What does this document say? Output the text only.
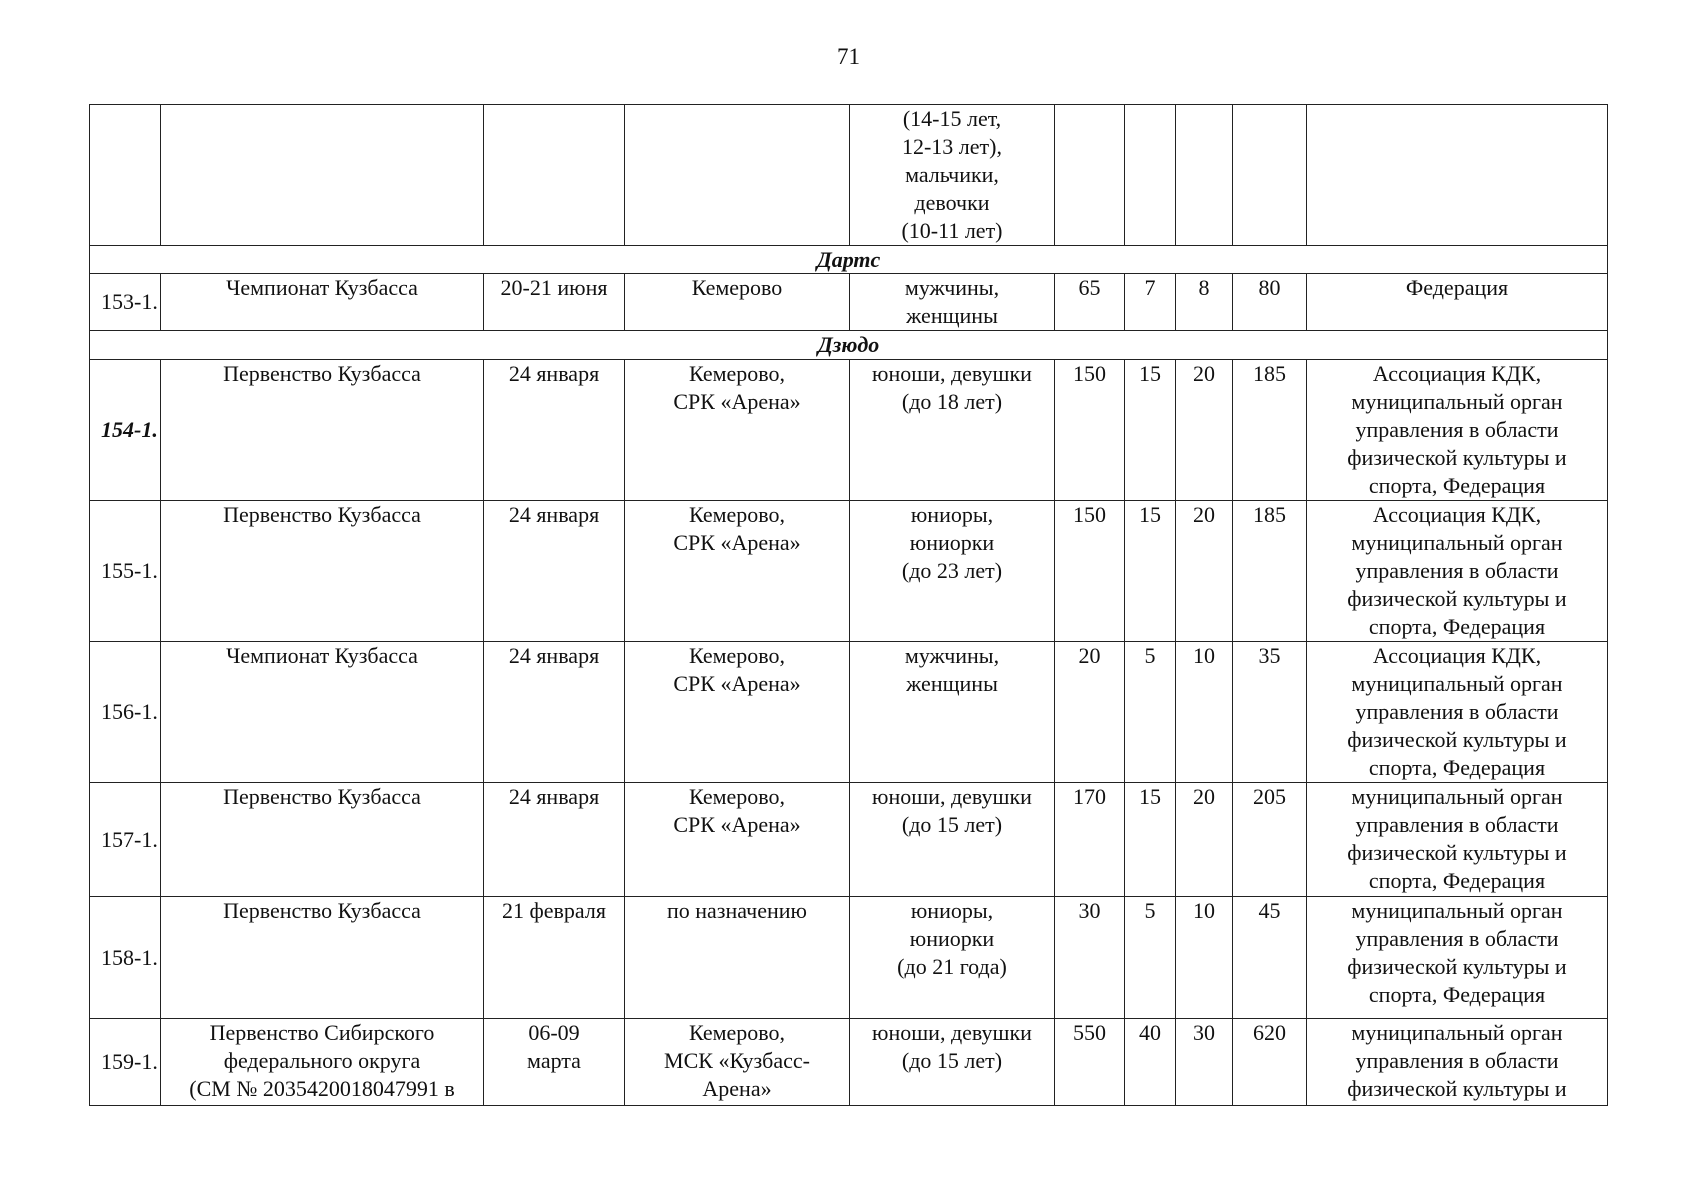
71

				(14-15 лет,
12-13 лет),
мальчики,
девочки
(10-11 лет)					

Дартс									
153-1.	Чемпионат Кузбасса	20-21 июня	Кемерово	мужчины,
женщины	65	7	8	80	Федерация

Дзюдо									
154-1.	Первенство Кузбасса	24 января	Кемерово,
СРК «Арена»	юноши, девушки
(до 18 лет)	150	15	20	185	Ассоциация КДК,
муниципальный орган
управления в области
физической культуры и
спорта, Федерация

155-1.	Первенство Кузбасса	24 января	Кемерово,
СРК «Арена»	юниоры,
юниорки
(до 23 лет)	150	15	20	185	Ассоциация КДК,
муниципальный орган
управления в области
физической культуры и
спорта, Федерация

156-1.	Чемпионат Кузбасса	24 января	Кемерово,
СРК «Арена»	мужчины,
женщины	20	5	10	35	Ассоциация КДК,
муниципальный орган
управления в области
физической культуры и
спорта, Федерация

157-1.	Первенство Кузбасса	24 января	Кемерово,
СРК «Арена»	юноши, девушки
(до 15 лет)	170	15	20	205	муниципальный орган
управления в области
физической культуры и
спорта, Федерация

158-1.	Первенство Кузбасса	21 февраля	по назначению	юниоры,
юниорки
(до 21 года)	30	5	10	45	муниципальный орган
управления в области
физической культуры и
спорта, Федерация

159-1.	Первенство Сибирского
федерального округа
(СМ № 2035420018047991 в	06-09
марта	Кемерово,
МСК «Кузбасс-
Арена»	юноши, девушки
(до 15 лет)	550	40	30	620	муниципальный орган
управления в области
физической культуры и
